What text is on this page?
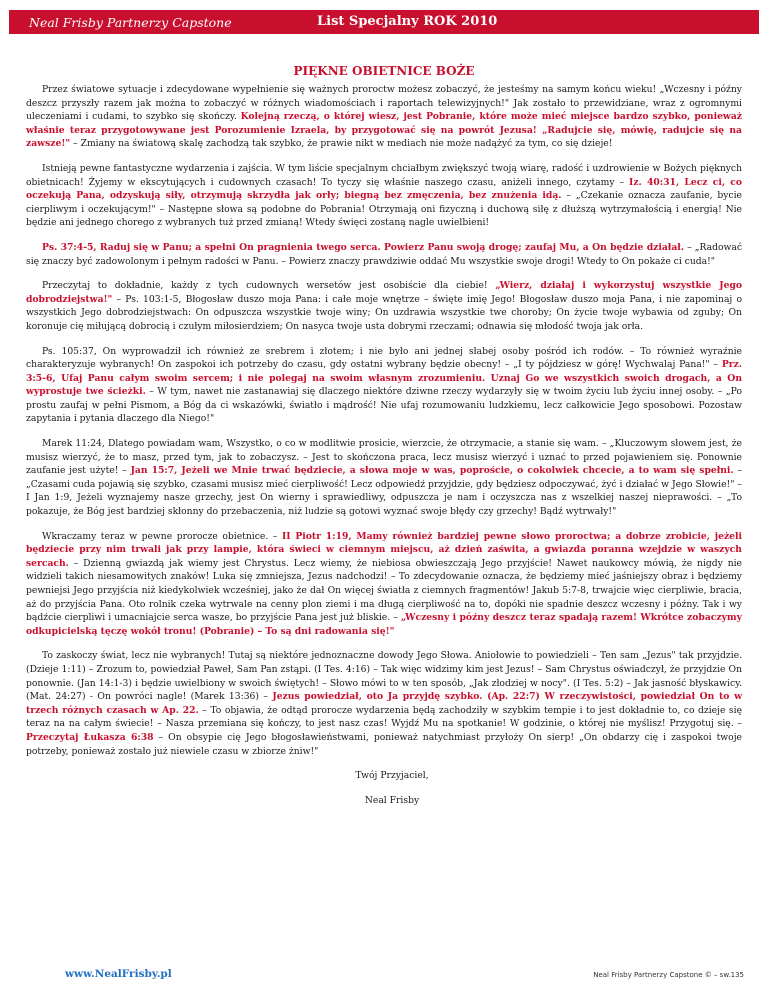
Neal Frisby Partnerzy Capstone	List Specjalny ROK 2010
PIĘKNE OBIETNICE BOŻE

Przez światowe sytuacje i zdecydowane wypełnienie się ważnych proroctw możesz zobaczyć, że jesteśmy na samym końcu wieku! „Wczesny i późny deszcz przyszły razem jak można to zobaczyć w różnych wiadomościach i raportach telewizyjnych!" Jak zostało to przewidziane, wraz z ogromnymi uleczeniami i cudami, to szybko się skończy. Kolejną rzeczą, o której wiesz, jest Pobranie, które może mieć miejsce bardzo szybko, ponieważ właśnie teraz przygotowywane jest Porozumienie Izraela, by przygotować się na powrót Jezusa! „Radujcie się, mówię, radujcie się na zawsze!" – Zmiany na światową skalę zachodzą tak szybko, że prawie nikt w mediach nie może nadążyć za tym, co się dzieje!

Istnieją pewne fantastyczne wydarzenia i zajścia. W tym liście specjalnym chciałbym zwiększyć twoją wiarę, radość i uzdrowienie w Bożych pięknych obietnicach! Żyjemy w ekscytujących i cudownych czasach! To tyczy się właśnie naszego czasu, aniżeli innego, czytamy – Iz. 40:31, Lecz ci, co oczekują Pana, odzyskują siły, otrzymują skrzydła jak orły; biegną bez zmęczenia, bez znużenia idą. – „Czekanie oznacza zaufanie, bycie cierpliwym i oczekującym!" – Następne słowa są podobne do Pobrania! Otrzymają oni fizyczną i duchową siłę z dłuższą wytrzymałością i energią! Nie będzie ani jednego chorego z wybranych tuż przed zmianą! Wtedy święci zostaną nagle uwielbieni!

Ps. 37:4-5, Raduj się w Panu; a spełni On pragnienia twego serca. Powierz Panu swoją drogę; zaufaj Mu, a On będzie działał. – „Radować się znaczy być zadowolonym i pełnym radości w Panu. – Powierz znaczy prawdziwie oddać Mu wszystkie swoje drogi! Wtedy to On pokaże ci cuda!"

Przeczytaj to dokładnie, każdy z tych cudownych wersetów jest osobiście dla ciebie! „Wierz, działaj i wykorzystuj wszystkie Jego dobrodziejstwa!" – Ps. 103:1-5, Błogosław duszo moja Pana: i całe moje wnętrze – święte imię Jego! Błogosław duszo moja Pana, i nie zapominaj o wszystkich Jego dobrodziejstwach: On odpuszcza wszystkie twoje winy; On uzdrawia wszystkie twe choroby; On życie twoje wybawia od zguby; On koronuje cię miłującą dobrocią i czułym miłosierdziem; On nasyca twoje usta dobrymi rzeczami; odnawia się młodość twoja jak orła.

Ps. 105:37, On wyprowadził ich również ze srebrem i złotem; i nie było ani jednej słabej osoby pośród ich rodów. – To również wyraźnie charakteryzuje wybranych! On zaspokoi ich potrzeby do czasu, gdy ostatni wybrany będzie obecny! – „I ty pójdziesz w górę! Wychwalaj Pana!" – Prz. 3:5-6, Ufaj Panu całym swoim sercem; i nie polegaj na swoim własnym zrozumieniu. Uznaj Go we wszystkich swoich drogach, a On wyprostuje twe ścieżki. – W tym, nawet nie zastanawiaj się dlaczego niektóre dziwne rzeczy wydarzyły się w twoim życiu lub życiu innej osoby. – „Po prostu zaufaj w pełni Pismom, a Bóg da ci wskazówki, światło i mądrość! Nie ufaj rozumowaniu ludzkiemu, lecz całkowicie Jego sposobowi. Pozostaw zapytania i pytania dlaczego dla Niego!"

Marek 11:24, Dlatego powiadam wam, Wszystko, o co w modlitwie prosicie, wierzcie, że otrzymacie, a stanie się wam. – „Kluczowym słowem jest, że musisz wierzyć, że to masz, przed tym, jak to zobaczysz. – Jest to skończona praca, lecz musisz wierzyć i uznać to przed pojawieniem się. Ponownie zaufanie jest użyte! – Jan 15:7, Jeżeli we Mnie trwać będziecie, a słowa moje w was, poproście, o cokolwiek chcecie, a to wam się spełni. – „Czasami cuda pojawią się szybko, czasami musisz mieć cierpliwość! Lecz odpowiedź przyjdzie, gdy będziesz odpoczywać, żyć i działać w Jego Słowie!" – I Jan 1:9, Jeżeli wyznajemy nasze grzechy, jest On wierny i sprawiedliwy, odpuszcza je nam i oczyszcza nas z wszelkiej naszej nieprawości. – „To pokazuje, że Bóg jest bardziej skłonny do przebaczenia, niż ludzie są gotowi wyznać swoje błędy czy grzechy! Bądź wytrwały!"

Wkraczamy teraz w pewne prorocze obietnice. – II Piotr 1:19, Mamy również bardziej pewne słowo proroctwa; a dobrze zrobicie, jeżeli będziecie przy nim trwali jak przy lampie, która świeci w ciemnym miejscu, aż dzień zaświta, a gwiazda poranna wzejdzie w waszych sercach. – Dzienną gwiazdą jak wiemy jest Chrystus. Lecz wiemy, że niebiosa obwieszczają Jego przyjście! Nawet naukowcy mówią, że nigdy nie widzieli takich niesamowitych znaków! Luka się zmniejsza, Jezus nadchodzi! – To zdecydowanie oznacza, że będziemy mieć jaśniejszy obraz i będziemy pewniejsi Jego przyjścia niż kiedykolwiek wcześniej, jako że dał On więcej światła z ciemnych fragmentów! Jakub 5:7-8, trwajcie więc cierpliwie, bracia, aż do przyjścia Pana. Oto rolnik czeka wytrwale na cenny plon ziemi i ma długą cierpliwość na to, dopóki nie spadnie deszcz wczesny i późny. Tak i wy bądźcie cierpliwi i umacniajcie serca wasze, bo przyjście Pana jest już bliskie. – „Wczesny i późny deszcz teraz spadają razem! Wkrótce zobaczymy odkupicielską tęczę wokół tronu! (Pobranie) – To są dni radowania się!"

To zaskoczy świat, lecz nie wybranych! Tutaj są niektóre jednoznaczne dowody Jego Słowa. Aniołowie to powiedzieli – Ten sam „Jezus" tak przyjdzie. (Dzieje 1:11) – Zrozum to, powiedział Paweł, Sam Pan zstąpi. (I Tes. 4:16) – Tak więc widzimy kim jest Jezus! – Sam Chrystus oświadczył, że przyjdzie On ponownie. (Jan 14:1-3) i będzie uwielbiony w swoich świętych! – Słowo mówi to w ten sposób, „Jak złodziej w nocy". (I Tes. 5:2) – Jak jasność błyskawicy. (Mat. 24:27) - On powróci nagle! (Marek 13:36) – Jezus powiedział, oto Ja przyjdę szybko. (Ap. 22:7) W rzeczywistości, powiedział On to w trzech różnych czasach w Ap. 22. – To objawia, że odtąd prorocze wydarzenia będą zachodziły w szybkim tempie i to jest dokładnie to, co dzieje się teraz na na całym świecie! – Nasza przemiana się kończy, to jest nasz czas! Wyjdź Mu na spotkanie! W godzinie, o której nie myślisz! Przygotuj się. – Przeczytaj Łukasza 6:38 – On obsypie cię Jego błogosławieństwami, ponieważ natychmiast przyłoży On sierp! „On obdarzy cię i zaspokoi twoje potrzeby, ponieważ zostało już niewiele czasu w zbiorze żniw!"

Twój Przyjaciel,

Neal Frisby

www.NealFrisby.pl	Neal Frisby Partnerzy Capstone © – sw.135
